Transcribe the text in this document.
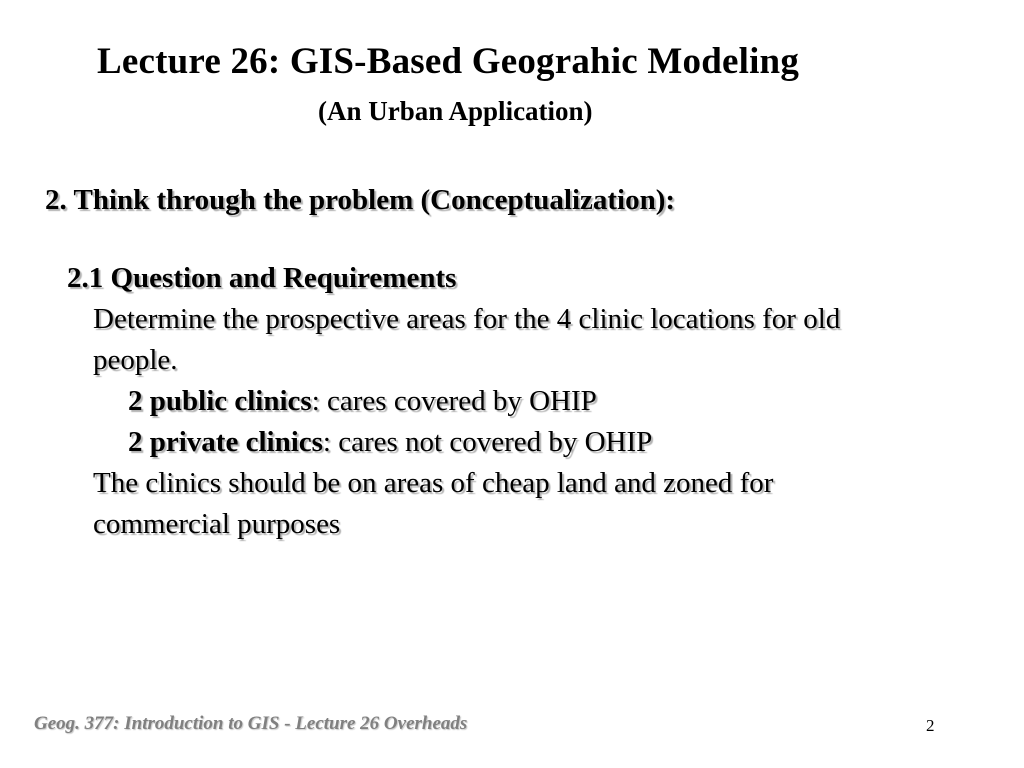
Lecture 26: GIS-Based Geograhic Modeling
(An Urban Application)
2. Think through the problem (Conceptualization):
2.1 Question and Requirements
Determine the prospective areas for the 4 clinic locations for old people.
2 public clinics: cares covered by OHIP
2 private clinics: cares not covered by OHIP
The clinics should be on areas of cheap land and zoned for commercial purposes
Geog. 377: Introduction to GIS - Lecture 26 Overheads	2
